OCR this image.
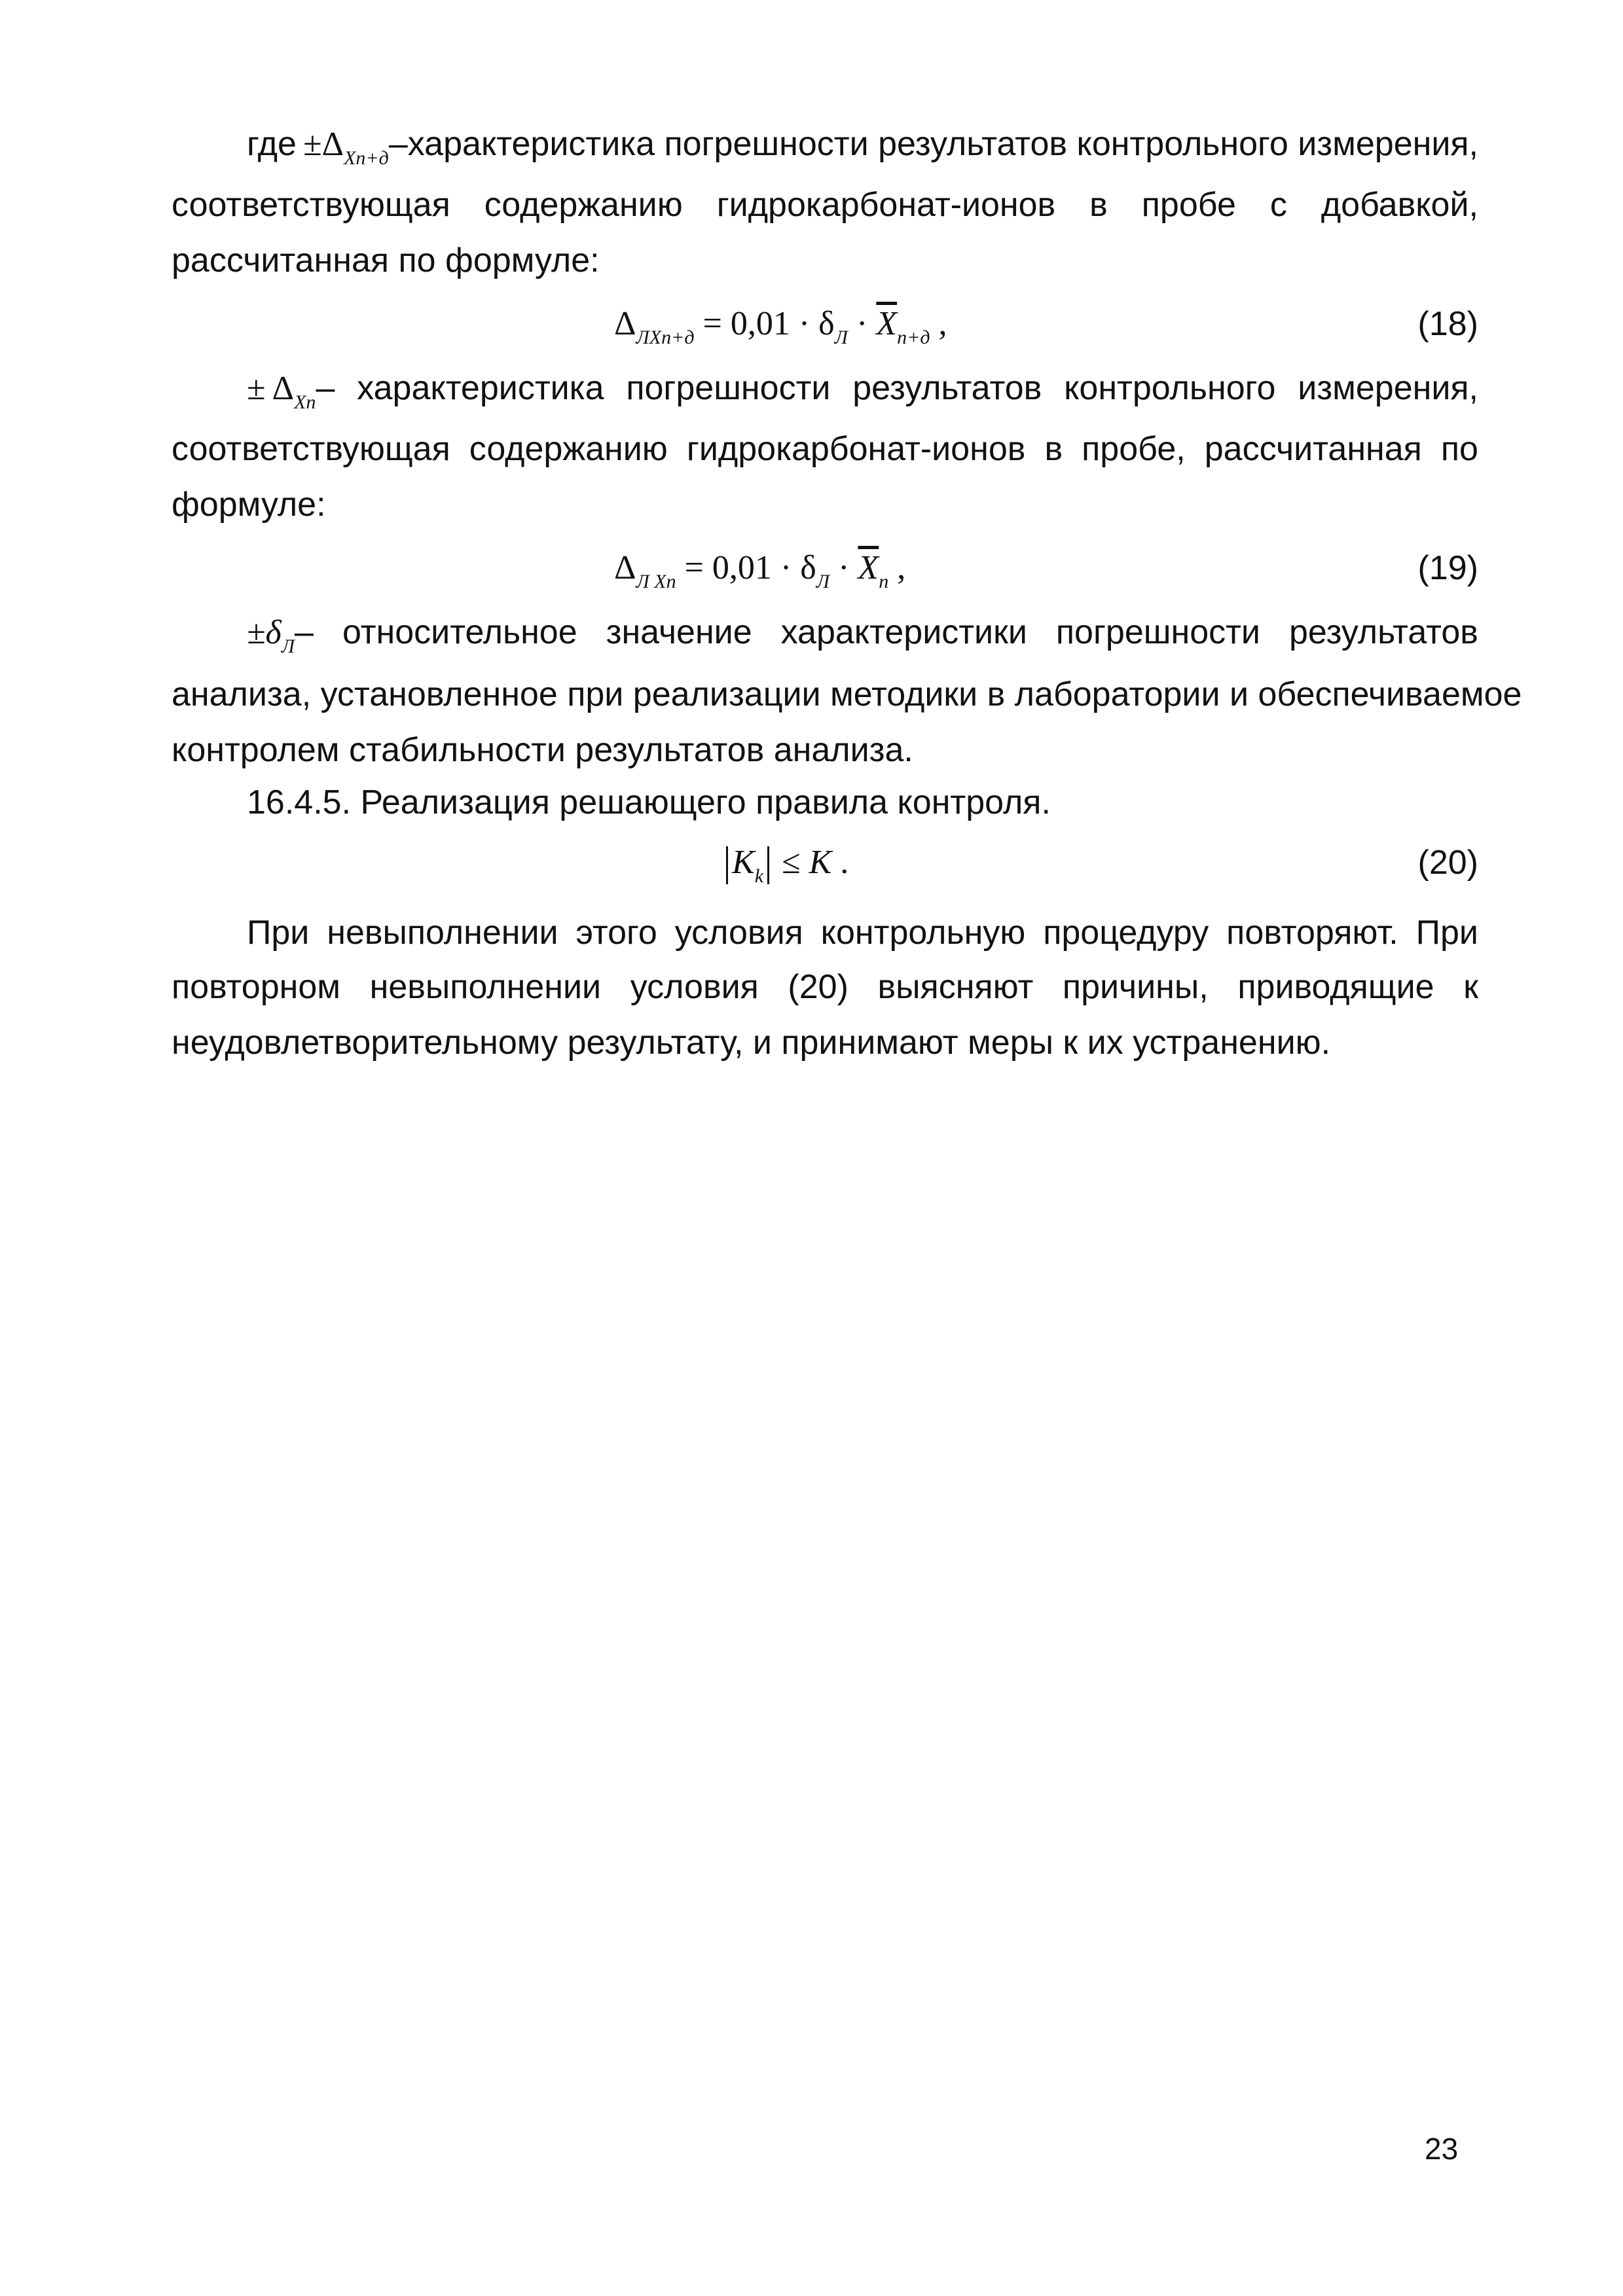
где $\pm\Delta_{Xп+д}$–характеристика погрешности результатов контрольного измерения,
соответствующая содержанию гидрокарбонат-ионов в пробе с добавкой,
рассчитанная по формуле:
$\Delta_{ЛXп+д} = 0,01 \cdot \delta_Л \cdot \overline{X}_{п+д}$ ,	(18)
± $\Delta_{Xп}-$ характеристика погрешности результатов контрольного измерения,
соответствующая содержанию гидрокарбонат-ионов в пробе, рассчитанная по
формуле:
$\Delta_{Л Xп} = 0,01 \cdot \delta_Л \cdot \overline{X}_п$ ,	(19)
$\pm\delta_Л-$ относительное значение характеристики погрешности результатов
анализа, установленное при реализации методики в лаборатории и обеспечиваемое
контролем стабильности результатов анализа.
16.4.5. Реализация решающего правила контроля.
$K_k \le K$ .	(20)
При невыполнении этого условия контрольную процедуру повторяют. При
повторном невыполнении условия (20) выясняют причины, приводящие к
неудовлетворительному результату, и принимают меры к их устранению.
23
